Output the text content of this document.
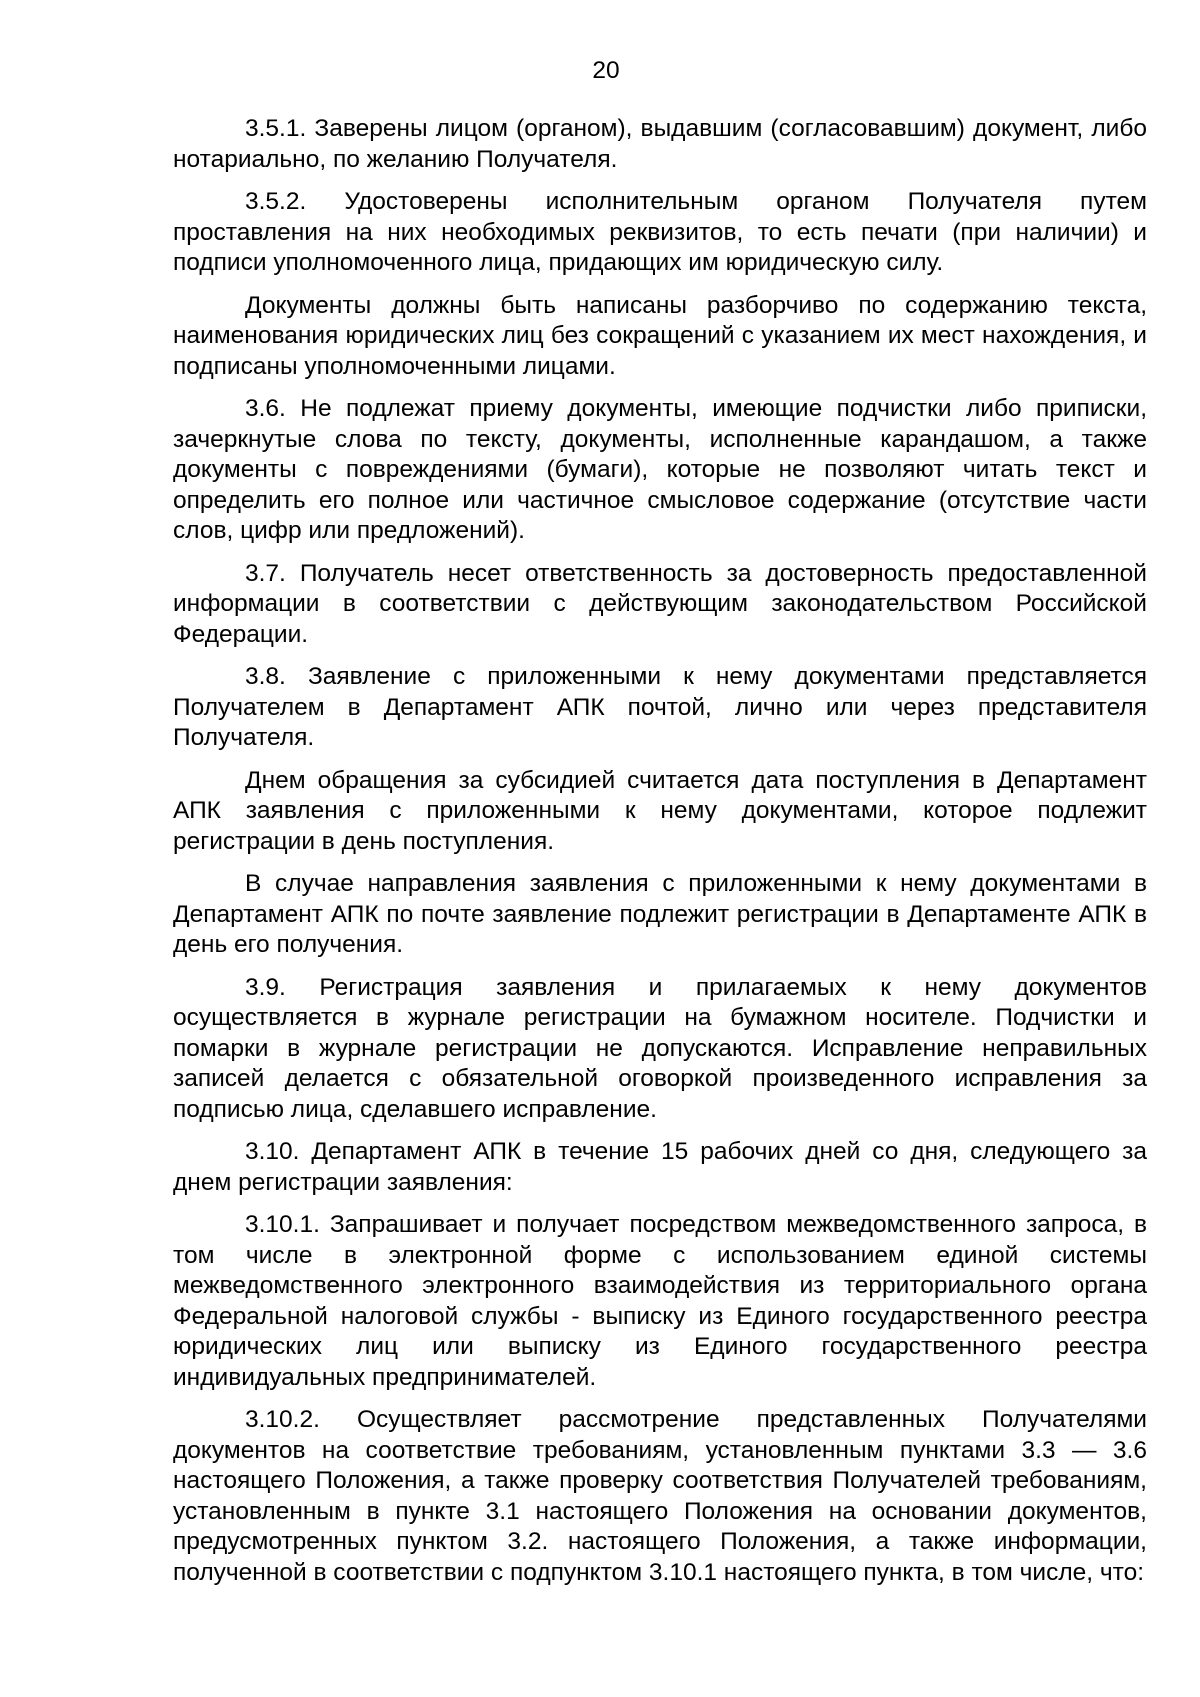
20

3.5.1. Заверены лицом (органом), выдавшим (согласовавшим) документ, либо нотариально, по желанию Получателя.

3.5.2. Удостоверены исполнительным органом Получателя путем проставления на них необходимых реквизитов, то есть печати (при наличии) и подписи уполномоченного лица, придающих им юридическую силу.

Документы должны быть написаны разборчиво по содержанию текста, наименования юридических лиц без сокращений с указанием их мест нахождения, и подписаны уполномоченными лицами.

3.6. Не подлежат приему документы, имеющие подчистки либо приписки, зачеркнутые слова по тексту, документы, исполненные карандашом, а также документы с повреждениями (бумаги), которые не позволяют читать текст и определить его полное или частичное смысловое содержание (отсутствие части слов, цифр или предложений).

3.7. Получатель несет ответственность за достоверность предоставленной информации в соответствии с действующим законодательством Российской Федерации.

3.8. Заявление с приложенными к нему документами представляется Получателем в Департамент АПК почтой, лично или через представителя Получателя.

Днем обращения за субсидией считается дата поступления в Департамент АПК заявления с приложенными к нему документами, которое подлежит регистрации в день поступления.

В случае направления заявления с приложенными к нему документами в Департамент АПК по почте заявление подлежит регистрации в Департаменте АПК в день его получения.

3.9. Регистрация заявления и прилагаемых к нему документов осуществляется в журнале регистрации на бумажном носителе. Подчистки и помарки в журнале регистрации не допускаются. Исправление неправильных записей делается с обязательной оговоркой произведенного исправления за подписью лица, сделавшего исправление.

3.10. Департамент АПК в течение 15 рабочих дней со дня, следующего за днем регистрации заявления:

3.10.1. Запрашивает и получает посредством межведомственного запроса, в том числе в электронной форме с использованием единой системы межведомственного электронного взаимодействия из территориального органа Федеральной налоговой службы - выписку из Единого государственного реестра юридических лиц или выписку из Единого государственного реестра индивидуальных предпринимателей.

3.10.2. Осуществляет рассмотрение представленных Получателями документов на соответствие требованиям, установленным пунктами 3.3 — 3.6 настоящего Положения, а также проверку соответствия Получателей требованиям, установленным в пункте 3.1 настоящего Положения на основании документов, предусмотренных пунктом 3.2. настоящего Положения, а также информации, полученной в соответствии с подпунктом 3.10.1 настоящего пункта, в том числе, что:
